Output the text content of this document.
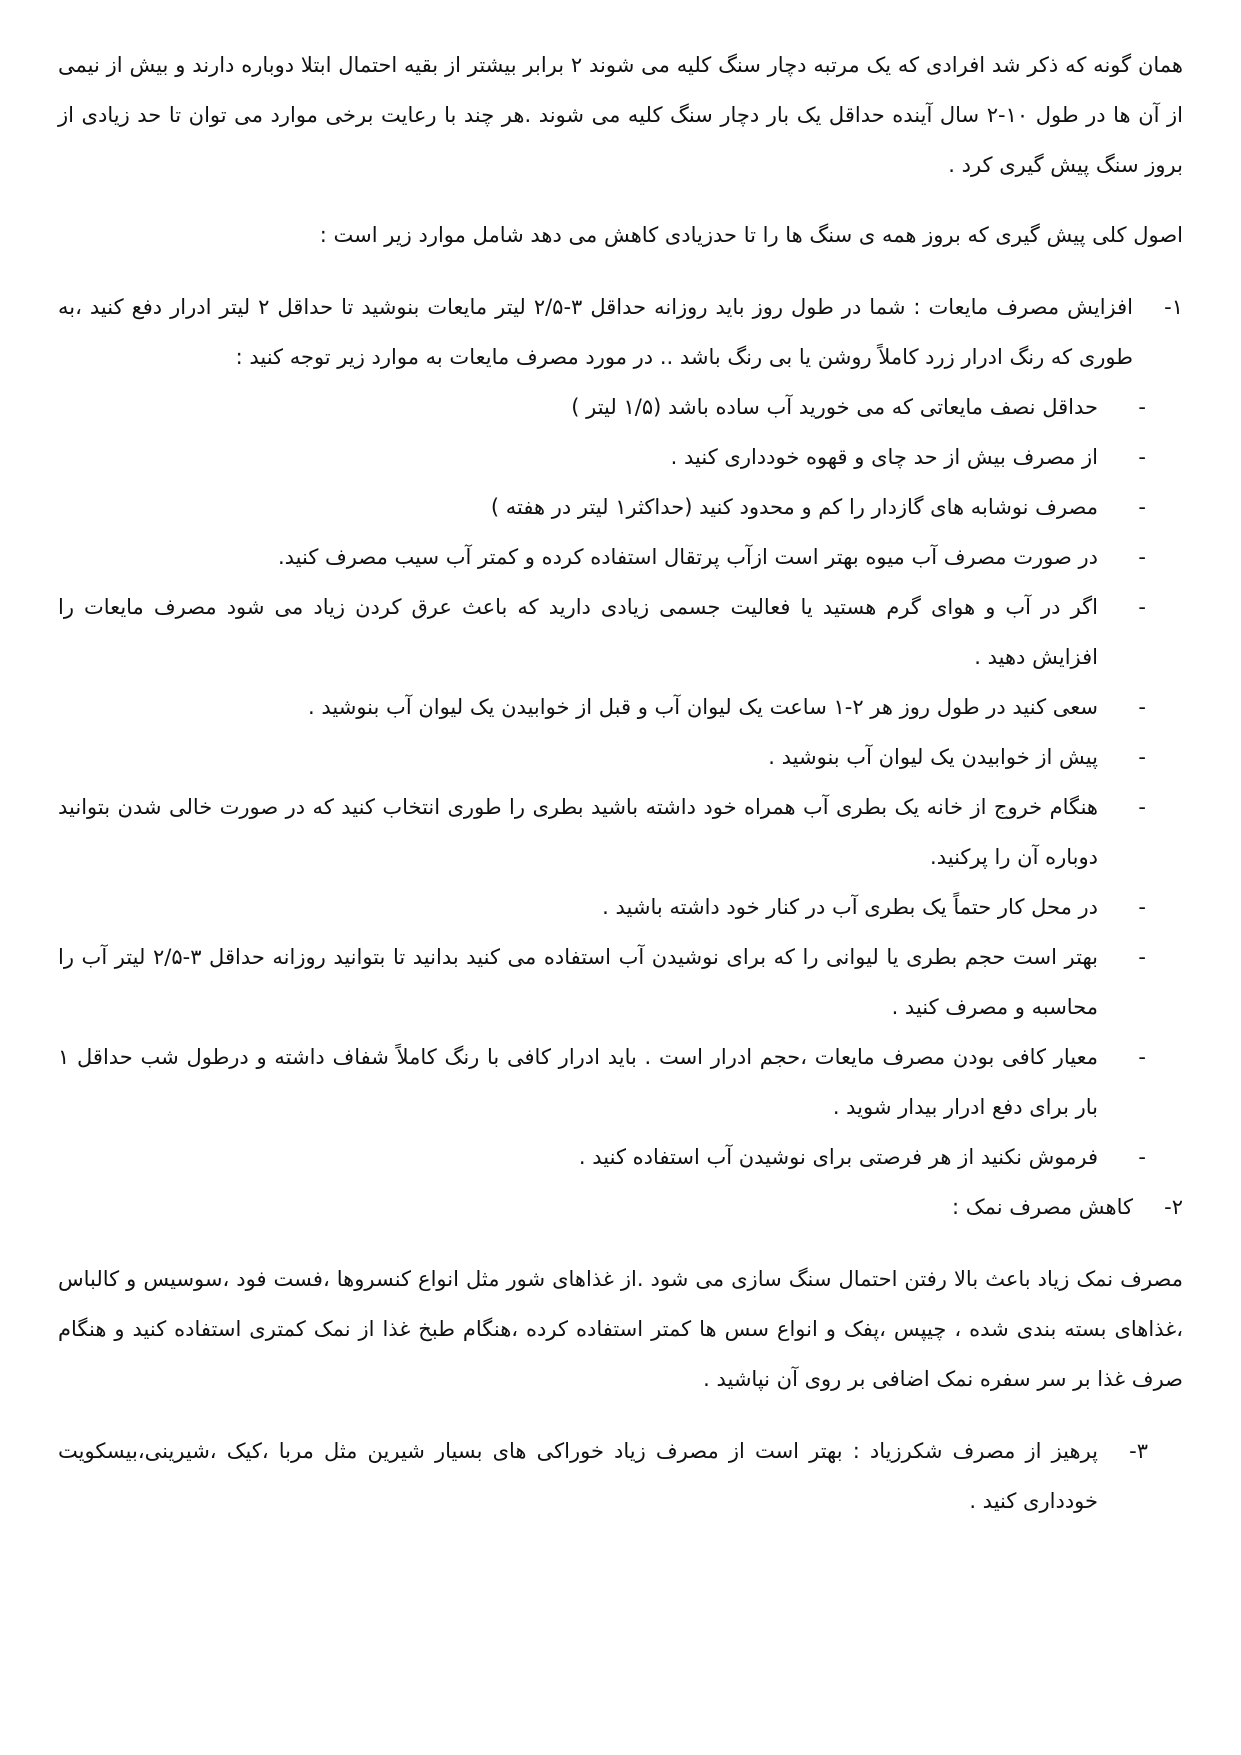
همان گونه که ذکر شد افرادی که یک مرتبه دچار سنگ کلیه می شوند ۲ برابر بیشتر از بقیه احتمال ابتلا دوباره دارند و بیش از نیمی از آن ها در طول ۱۰-۲ سال آینده حداقل یک بار دچار سنگ کلیه می شوند .هر چند با رعایت برخی موارد می توان تا حد زیادی از بروز سنگ پیش گیری کرد .

اصول کلی پیش گیری که بروز همه ی سنگ ها را تا حدزیادی کاهش می دهد شامل موارد زیر است :

۱-
افزایش مصرف مایعات : شما در طول روز باید روزانه حداقل ۳-۲/۵ لیتر مایعات بنوشید تا حداقل ۲ لیتر ادرار دفع کنید ،به طوری که رنگ ادرار زرد کاملاً روشن یا بی رنگ باشد .. در مورد مصرف مایعات به موارد زیر توجه کنید :
-
حداقل نصف مایعاتی که می خورید آب ساده باشد (۱/۵ لیتر )
-
از مصرف بیش از حد چای و قهوه خودداری کنید .
-
مصرف نوشابه های گازدار را کم و محدود کنید (حداکثر۱ لیتر در هفته )
-
در صورت مصرف آب میوه بهتر است ازآب پرتقال استفاده کرده و کمتر آب سیب مصرف کنید.
-
اگر در آب و هوای گرم هستید یا فعالیت جسمی زیادی دارید که باعث عرق کردن زیاد می شود مصرف مایعات را افزایش دهید .
-
سعی کنید در طول روز هر ۲-۱ ساعت یک لیوان آب و قبل از خوابیدن یک لیوان آب بنوشید .
-
پیش از خوابیدن یک لیوان آب بنوشید .
-
هنگام خروج از خانه یک بطری آب همراه خود داشته باشید بطری را طوری انتخاب کنید که در صورت خالی شدن بتوانید دوباره آن را پرکنید.
-
در محل کار حتماً یک بطری آب در کنار خود داشته باشید .
-
بهتر است حجم بطری یا لیوانی را که برای نوشیدن آب استفاده می کنید بدانید تا بتوانید روزانه حداقل ۳-۲/۵ لیتر آب را محاسبه و مصرف کنید .
-
معیار کافی بودن مصرف مایعات ،حجم ادرار است . باید ادرار کافی با رنگ کاملاً شفاف داشته و درطول شب حداقل ۱ بار برای دفع ادرار بیدار شوید .
-
فرموش نکنید از هر فرصتی برای نوشیدن آب استفاده کنید .
۲-
کاهش مصرف نمک :

مصرف نمک زیاد باعث بالا رفتن احتمال سنگ سازی می شود .از غذاهای شور مثل انواع کنسروها ،فست فود ،سوسیس و کالباس ،غذاهای بسته بندی شده ، چیپس ،پفک و انواع سس ها کمتر استفاده کرده ،هنگام طبخ غذا از نمک کمتری استفاده کنید و هنگام صرف غذا بر سر سفره نمک اضافی بر روی آن نپاشید .

۳-
پرهیز از مصرف شکرزیاد : بهتر است از مصرف زیاد خوراکی های بسیار شیرین مثل مربا ،کیک ،شیرینی،بیسکویت خودداری کنید .
